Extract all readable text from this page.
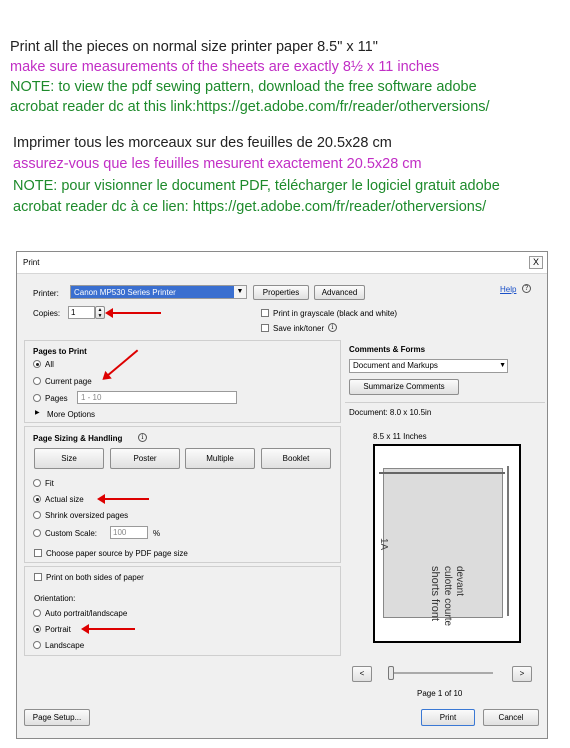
Print all the pieces on normal size printer paper 8.5" x 11"
make sure measurements of the sheets are exactly 8½ x 11 inches
NOTE: to view the pdf sewing pattern, download the free software adobe
acrobat reader dc at this link:https://get.adobe.com/fr/reader/otherversions/
Imprimer tous les morceaux sur des feuilles de 20.5x28 cm
assurez-vous que les feuilles mesurent exactement 20.5x28 cm
NOTE: pour visionner le document PDF, télécharger le logiciel gratuit adobe
acrobat reader dc à ce lien: https://get.adobe.com/fr/reader/otherversions/
Print	X
Printer: Canon MP530 Series Printer	▼	Properties	Advanced	Help	?
Copies:	1	▲
▼	Print in grayscale (black and white)
Save ink/toner	i
Pages to Print
All
Current page
Pages	1 - 10
▶ More Options
Page Sizing & Handling	i
Size	Poster	Multiple	Booklet
Fit
Actual size
Shrink oversized pages
Custom Scale:	100	%
Choose paper source by PDF page size
Print on both sides of paper
Orientation:
Auto portrait/landscape
Portrait
Landscape
Comments & Forms
Document and Markups	▼
Summarize Comments
Document: 8.0 x 10.5in
8.5 x 11 Inches
shorts front culotte courte devant
1A
<	>
Page 1 of 10
Page Setup...	Print	Cancel
